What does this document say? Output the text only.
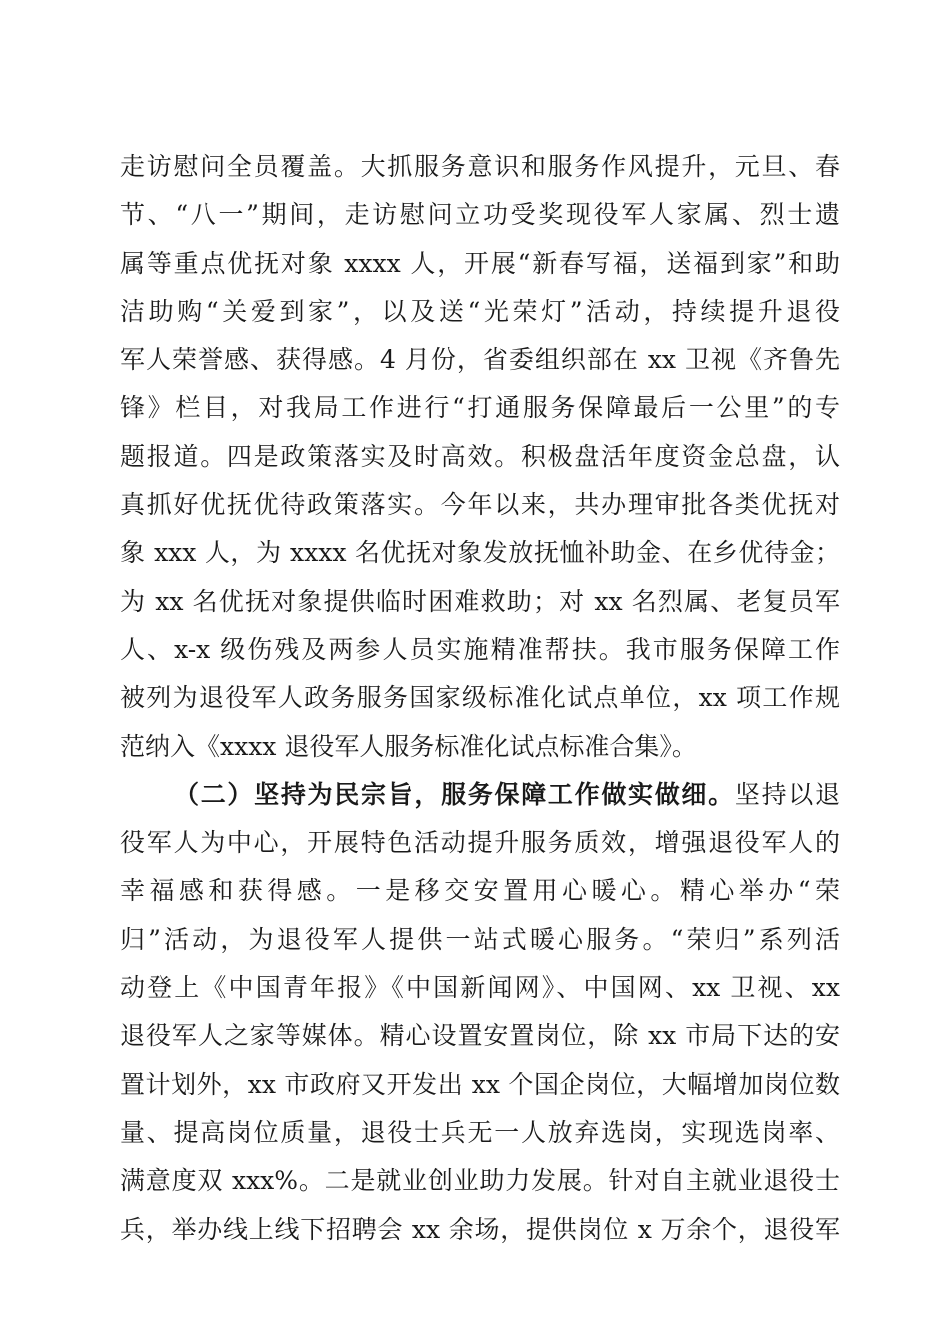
走访慰问全员覆盖。大抓服务意识和服务作风提升，元旦、春
节、“八一”期间，走访慰问立功受奖现役军人家属、烈士遗
属等重点优抚对象 xxxx 人，开展“新春写福，送福到家”和助
洁助购“关爱到家”，以及送“光荣灯”活动，持续提升退役
军人荣誉感、获得感。4 月份，省委组织部在 xx 卫视《齐鲁先
锋》栏目，对我局工作进行“打通服务保障最后一公里”的专
题报道。四是政策落实及时高效。积极盘活年度资金总盘，认
真抓好优抚优待政策落实。今年以来，共办理审批各类优抚对
象 xxx 人，为 xxxx 名优抚对象发放抚恤补助金、在乡优待金；
为 xx 名优抚对象提供临时困难救助；对 xx 名烈属、老复员军
人、x-x 级伤残及两参人员实施精准帮扶。我市服务保障工作
被列为退役军人政务服务国家级标准化试点单位，xx 项工作规
范纳入《xxxx 退役军人服务标准化试点标准合集》。
（二）坚持为民宗旨，服务保障工作做实做细。坚持以退
役军人为中心，开展特色活动提升服务质效，增强退役军人的
幸福感和获得感。一是移交安置用心暖心。精心举办“荣
归”活动，为退役军人提供一站式暖心服务。“荣归”系列活
动登上《中国青年报》《中国新闻网》、中国网、xx 卫视、xx
退役军人之家等媒体。精心设置安置岗位，除 xx 市局下达的安
置计划外，xx 市政府又开发出 xx 个国企岗位，大幅增加岗位数
量、提高岗位质量，退役士兵无一人放弃选岗，实现选岗率、
满意度双 xxx%。二是就业创业助力发展。针对自主就业退役士
兵，举办线上线下招聘会 xx 余场，提供岗位 x 万余个，退役军
